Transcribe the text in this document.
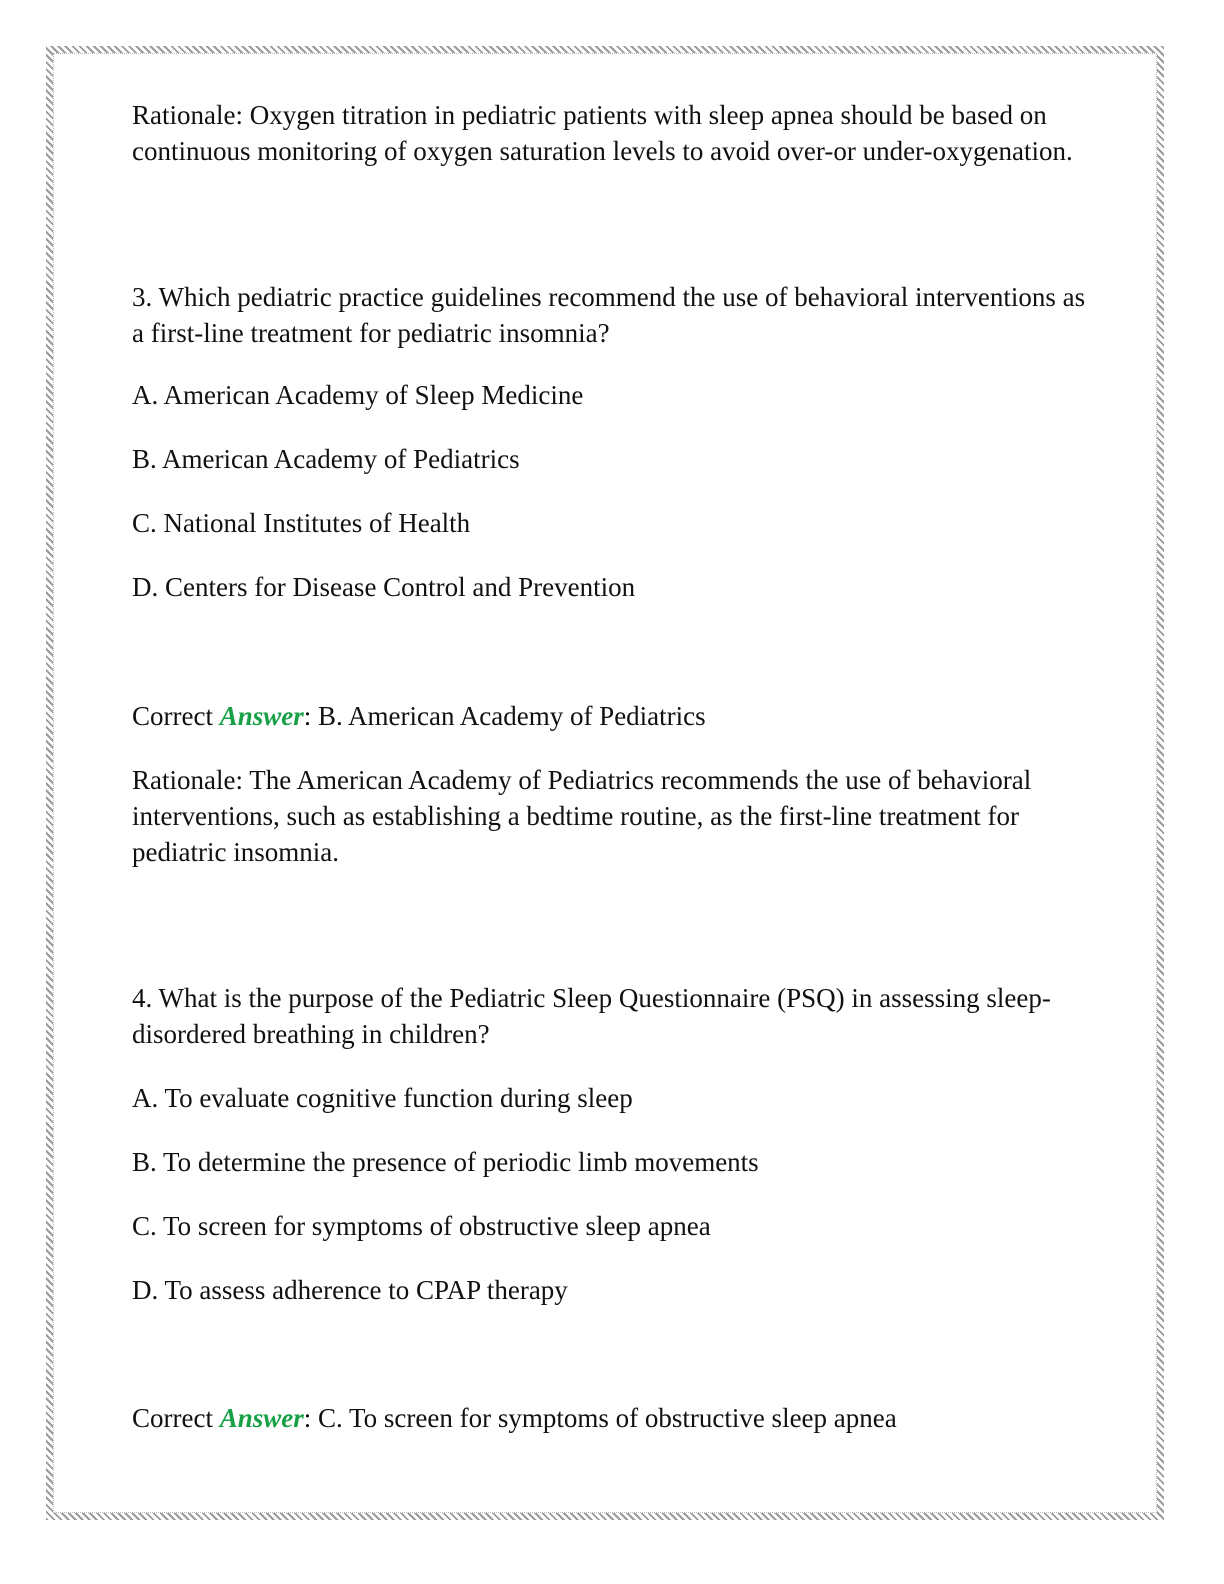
Rationale: Oxygen titration in pediatric patients with sleep apnea should be based on continuous monitoring of oxygen saturation levels to avoid over-or under-oxygenation.

3. Which pediatric practice guidelines recommend the use of behavioral interventions as a first-line treatment for pediatric insomnia?

A. American Academy of Sleep Medicine

B. American Academy of Pediatrics

C. National Institutes of Health

D. Centers for Disease Control and Prevention

Correct Answer: B. American Academy of Pediatrics

Rationale: The American Academy of Pediatrics recommends the use of behavioral interventions, such as establishing a bedtime routine, as the first-line treatment for pediatric insomnia.

4. What is the purpose of the Pediatric Sleep Questionnaire (PSQ) in assessing sleep-disordered breathing in children?

A. To evaluate cognitive function during sleep

B. To determine the presence of periodic limb movements

C. To screen for symptoms of obstructive sleep apnea

D. To assess adherence to CPAP therapy

Correct Answer: C. To screen for symptoms of obstructive sleep apnea
